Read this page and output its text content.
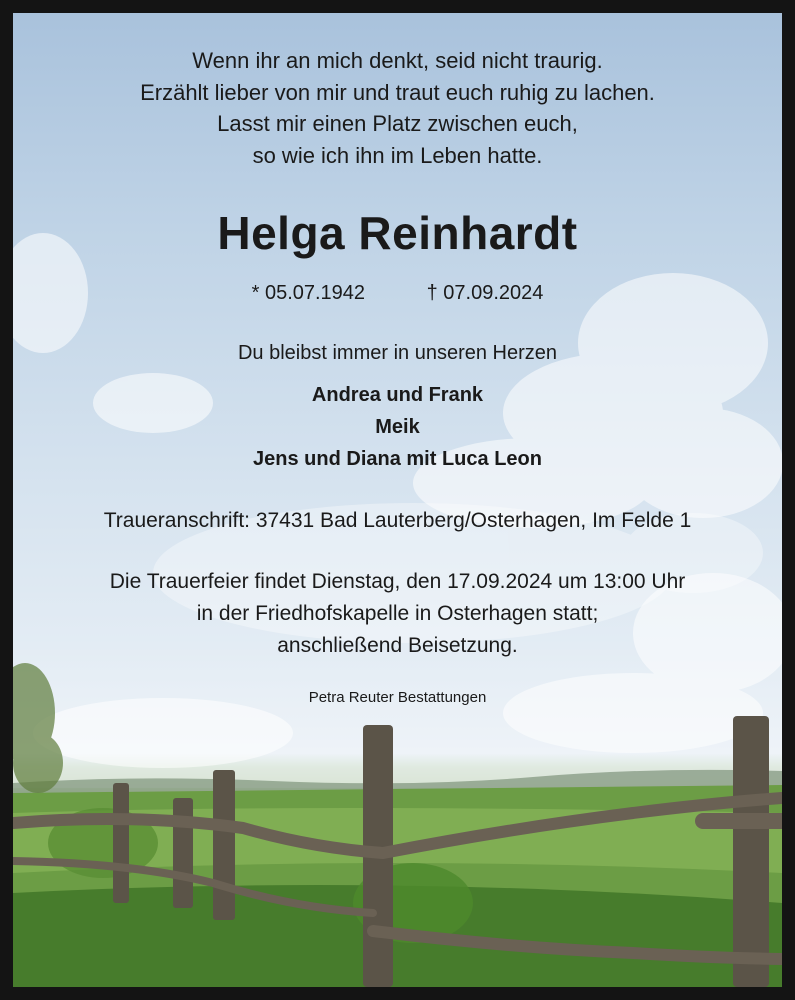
Wenn ihr an mich denkt, seid nicht traurig.
Erzählt lieber von mir und traut euch ruhig zu lachen.
Lasst mir einen Platz zwischen euch,
so wie ich ihn im Leben hatte.
Helga Reinhardt
* 05.07.1942	† 07.09.2024
Du bleibst immer in unseren Herzen
Andrea und Frank
Meik
Jens und Diana mit Luca Leon
Traueranschrift: 37431 Bad Lauterberg/Osterhagen, Im Felde 1
Die Trauerfeier findet Dienstag, den 17.09.2024 um 13:00 Uhr
in der Friedhofskapelle in Osterhagen statt;
anschließend Beisetzung.
Petra Reuter Bestattungen
